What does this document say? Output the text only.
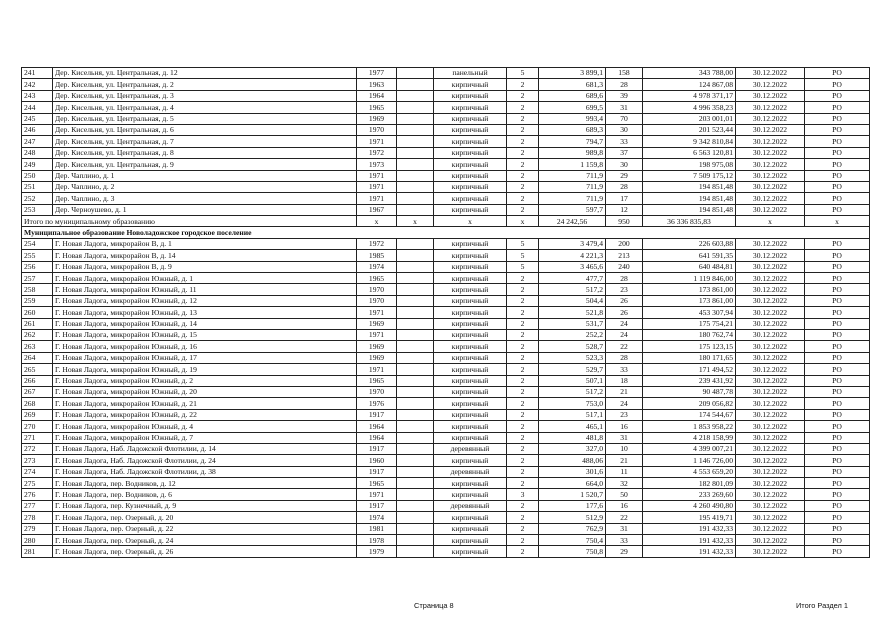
241	Дер. Кисельня, ул. Центральная, д. 12	1977		панельный	5	3 899,1	158	343 788,00	30.12.2022	РО
242	Дер. Кисельня, ул. Центральная, д. 2	1963		кирпичный	2	681,3	28	124 867,08	30.12.2022	РО
243	Дер. Кисельня, ул. Центральная, д. 3	1964		кирпичный	2	689,6	39	4 978 371,17	30.12.2022	РО
244	Дер. Кисельня, ул. Центральная, д. 4	1965		кирпичный	2	699,5	31	4 996 358,23	30.12.2022	РО
245	Дер. Кисельня, ул. Центральная, д. 5	1969		кирпичный	2	993,4	70	203 001,01	30.12.2022	РО
246	Дер. Кисельня, ул. Центральная, д. 6	1970		кирпичный	2	689,3	30	201 523,44	30.12.2022	РО
247	Дер. Кисельня, ул. Центральная, д. 7	1971		кирпичный	2	794,7	33	9 342 810,84	30.12.2022	РО
248	Дер. Кисельня, ул. Центральная, д. 8	1972		кирпичный	2	989,8	37	6 563 120,81	30.12.2022	РО
249	Дер. Кисельня, ул. Центральная, д. 9	1973		кирпичный	2	1 159,8	30	198 975,08	30.12.2022	РО
250	Дер. Чаплино, д. 1	1971		кирпичный	2	711,9	29	7 509 175,12	30.12.2022	РО
251	Дер. Чаплино, д. 2	1971		кирпичный	2	711,9	28	194 851,48	30.12.2022	РО
252	Дер. Чаплино, д. 3	1971		кирпичный	2	711,9	17	194 851,48	30.12.2022	РО
253	Дер. Черноушево, д. 1	1967		кирпичный	2	597,7	12	194 851,48	30.12.2022	РО
Итого по муниципальному образованию		х	х	х	х	24 242,56	950	36 336 835,83	х	х
Муниципальное образование Новоладожское городское поселение										
254	Г. Новая Ладога, микрорайон В, д. 1	1972		кирпичный	5	3 479,4	200	226 603,88	30.12.2022	РО
255	Г. Новая Ладога, микрорайон В, д. 14	1985		кирпичный	5	4 221,3	213	641 591,35	30.12.2022	РО
256	Г. Новая Ладога, микрорайон В, д. 9	1974		кирпичный	5	3 465,6	240	640 484,81	30.12.2022	РО
257	Г. Новая Ладога, микрорайон Южный, д. 1	1965		кирпичный	2	477,7	28	1 119 846,00	30.12.2022	РО
258	Г. Новая Ладога, микрорайон Южный, д. 11	1970		кирпичный	2	517,2	23	173 861,00	30.12.2022	РО
259	Г. Новая Ладога, микрорайон Южный, д. 12	1970		кирпичный	2	504,4	26	173 861,00	30.12.2022	РО
260	Г. Новая Ладога, микрорайон Южный, д. 13	1971		кирпичный	2	521,8	26	453 307,94	30.12.2022	РО
261	Г. Новая Ладога, микрорайон Южный, д. 14	1969		кирпичный	2	531,7	24	175 754,21	30.12.2022	РО
262	Г. Новая Ладога, микрорайон Южный, д. 15	1971		кирпичный	2	252,2	24	180 762,74	30.12.2022	РО
263	Г. Новая Ладога, микрорайон Южный, д. 16	1969		кирпичный	2	528,7	22	175 123,15	30.12.2022	РО
264	Г. Новая Ладога, микрорайон Южный, д. 17	1969		кирпичный	2	523,3	28	180 171,65	30.12.2022	РО
265	Г. Новая Ладога, микрорайон Южный, д. 19	1971		кирпичный	2	529,7	33	171 494,52	30.12.2022	РО
266	Г. Новая Ладога, микрорайон Южный, д. 2	1965		кирпичный	2	507,1	18	239 431,92	30.12.2022	РО
267	Г. Новая Ладога, микрорайон Южный, д. 20	1970		кирпичный	2	517,2	21	90 487,78	30.12.2022	РО
268	Г. Новая Ладога, микрорайон Южный, д. 21	1976		кирпичный	2	753,0	24	209 056,82	30.12.2022	РО
269	Г. Новая Ладога, микрорайон Южный, д. 22	1917		кирпичный	2	517,1	23	174 544,67	30.12.2022	РО
270	Г. Новая Ладога, микрорайон Южный, д. 4	1964		кирпичный	2	465,1	16	1 853 958,22	30.12.2022	РО
271	Г. Новая Ладога, микрорайон Южный, д. 7	1964		кирпичный	2	481,8	31	4 218 158,99	30.12.2022	РО
272	Г. Новая Ладога, Наб. Ладожской Флотилии, д. 14	1917		деревянный	2	327,0	10	4 399 007,21	30.12.2022	РО
273	Г. Новая Ладога, Наб. Ладожской Флотилии, д. 24	1960		кирпичный	2	488,06	21	1 146 726,00	30.12.2022	РО
274	Г. Новая Ладога, Наб. Ладожской Флотилии, д. 38	1917		деревянный	2	301,6	11	4 553 659,20	30.12.2022	РО
275	Г. Новая Ладога, пер. Водников, д. 12	1965		кирпичный	2	664,0	32	182 801,09	30.12.2022	РО
276	Г. Новая Ладога, пер. Водников, д. 6	1971		кирпичный	3	1 520,7	50	233 269,60	30.12.2022	РО
277	Г. Новая Ладога, пер. Кузнечный, д. 9	1917		деревянный	2	177,6	16	4 260 490,80	30.12.2022	РО
278	Г. Новая Ладога, пер. Озерный, д. 20	1974		кирпичный	2	512,9	22	195 419,71	30.12.2022	РО
279	Г. Новая Ладога, пер. Озерный, д. 22	1981		кирпичный	2	762,9	31	191 432,33	30.12.2022	РО
280	Г. Новая Ладога, пер. Озерный, д. 24	1978		кирпичный	2	750,4	33	191 432,33	30.12.2022	РО
281	Г. Новая Ладога, пер. Озерный, д. 26	1979		кирпичный	2	750,8	29	191 432,33	30.12.2022	РО
Страница 8	Итого Раздел 1
